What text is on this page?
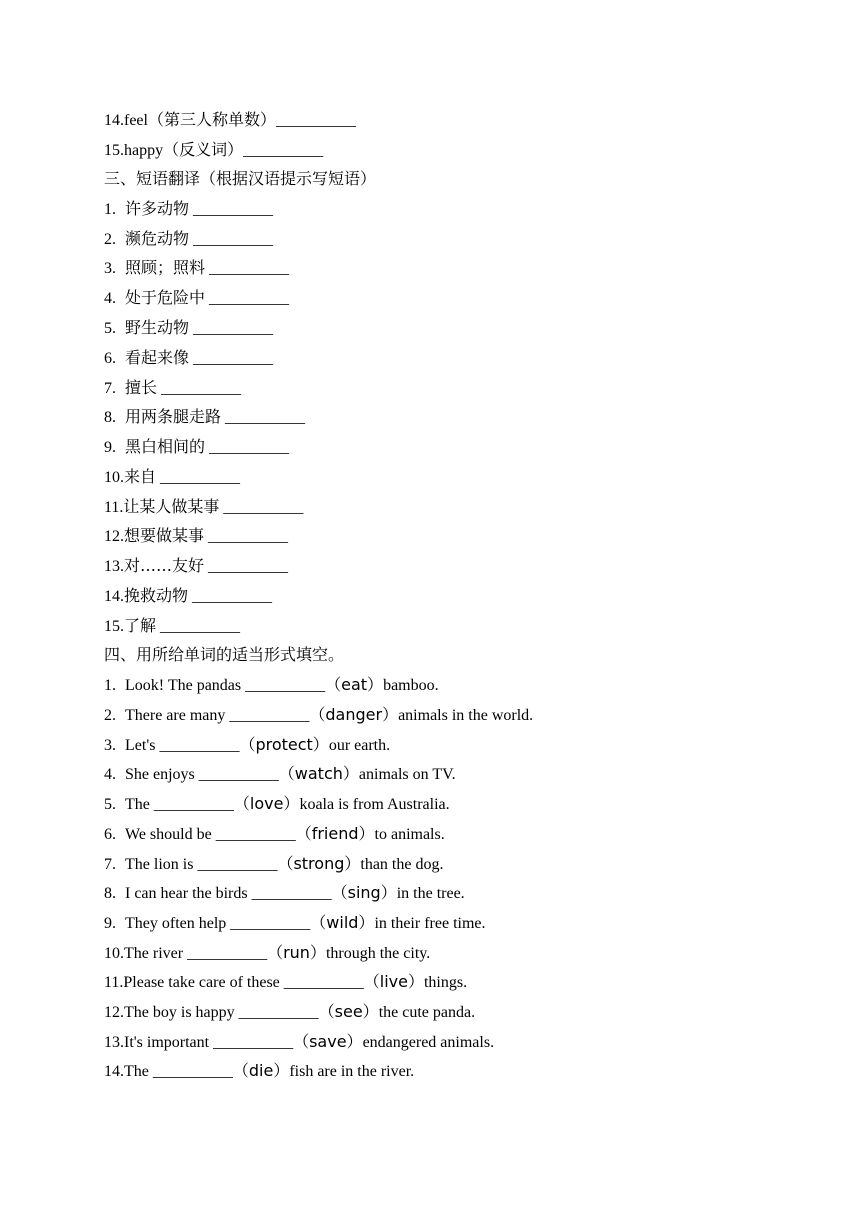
14.feel（第三人称单数）__________
15.happy（反义词）__________
三、短语翻译（根据汉语提示写短语）
1. 许多动物 __________
2. 濒危动物 __________
3. 照顾；照料 __________
4. 处于危险中 __________
5. 野生动物 __________
6. 看起来像 __________
7. 擅长 __________
8. 用两条腿走路 __________
9. 黑白相间的 __________
10.来自 __________
11.让某人做某事 __________
12.想要做某事 __________
13.对……友好 __________
14.挽救动物 __________
15.了解 __________
四、用所给单词的适当形式填空。
1. Look! The pandas __________（eat）bamboo.
2. There are many __________（danger）animals in the world.
3. Let's __________（protect）our earth.
4. She enjoys __________（watch）animals on TV.
5. The __________（love）koala is from Australia.
6. We should be __________（friend）to animals.
7. The lion is __________（strong）than the dog.
8. I can hear the birds __________（sing）in the tree.
9. They often help __________（wild）in their free time.
10.The river __________（run）through the city.
11.Please take care of these __________（live）things.
12.The boy is happy __________（see）the cute panda.
13.It's important __________（save）endangered animals.
14.The __________（die）fish are in the river.
